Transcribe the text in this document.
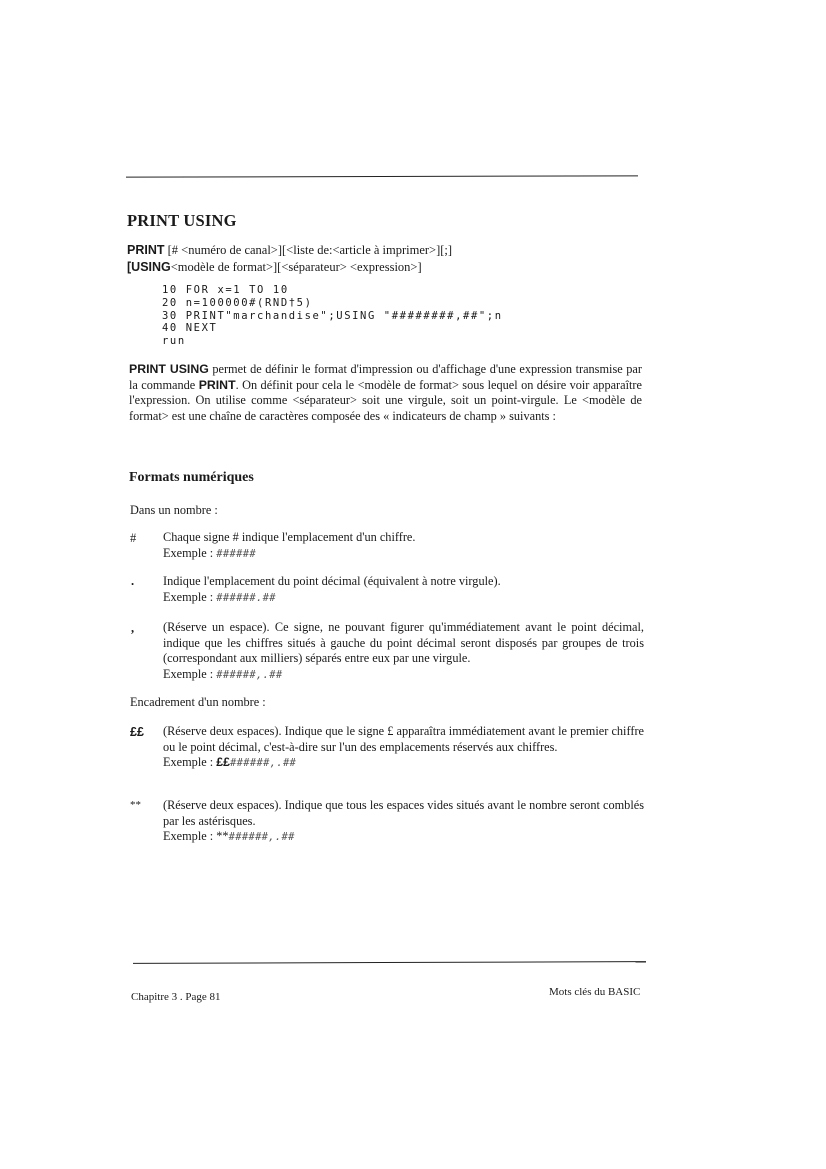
PRINT USING
PRINT [# <numéro de canal>][<liste de:<article à imprimer>][;]
[USING<modèle de format>][<séparateur> <expression>]
10 FOR x=1 TO 10
20 n=100000#(RND†5)
30 PRINT"marchandise";USING "########,##";n
40 NEXT
run
PRINT USING permet de définir le format d'impression ou d'affichage d'une expression transmise par la commande PRINT. On définit pour cela le <modèle de format> sous lequel on désire voir apparaître l'expression. On utilise comme <séparateur> soit une virgule, soit un point-virgule. Le <modèle de format> est une chaîne de caractères composée des « indicateurs de champ » suivants :
Formats numériques
Dans un nombre :
# Chaque signe # indique l'emplacement d'un chiffre.
Exemple : ######
. Indique l'emplacement du point décimal (équivalent à notre virgule).
Exemple : ######.##
, (Réserve un espace). Ce signe, ne pouvant figurer qu'immédiatement avant le point décimal, indique que les chiffres situés à gauche du point décimal seront disposés par groupes de trois (correspondant aux milliers) séparés entre eux par une virgule.
Exemple : ######,.##
Encadrement d'un nombre :
££ (Réserve deux espaces). Indique que le signe £ apparaîtra immédiatement avant le premier chiffre ou le point décimal, c'est-à-dire sur l'un des emplacements réservés aux chiffres.
Exemple : ££######,.##
** (Réserve deux espaces). Indique que tous les espaces vides situés avant le nombre seront comblés par les astérisques.
Exemple : **######,.##
Chapitre 3 . Page 81	Mots clés du BASIC
